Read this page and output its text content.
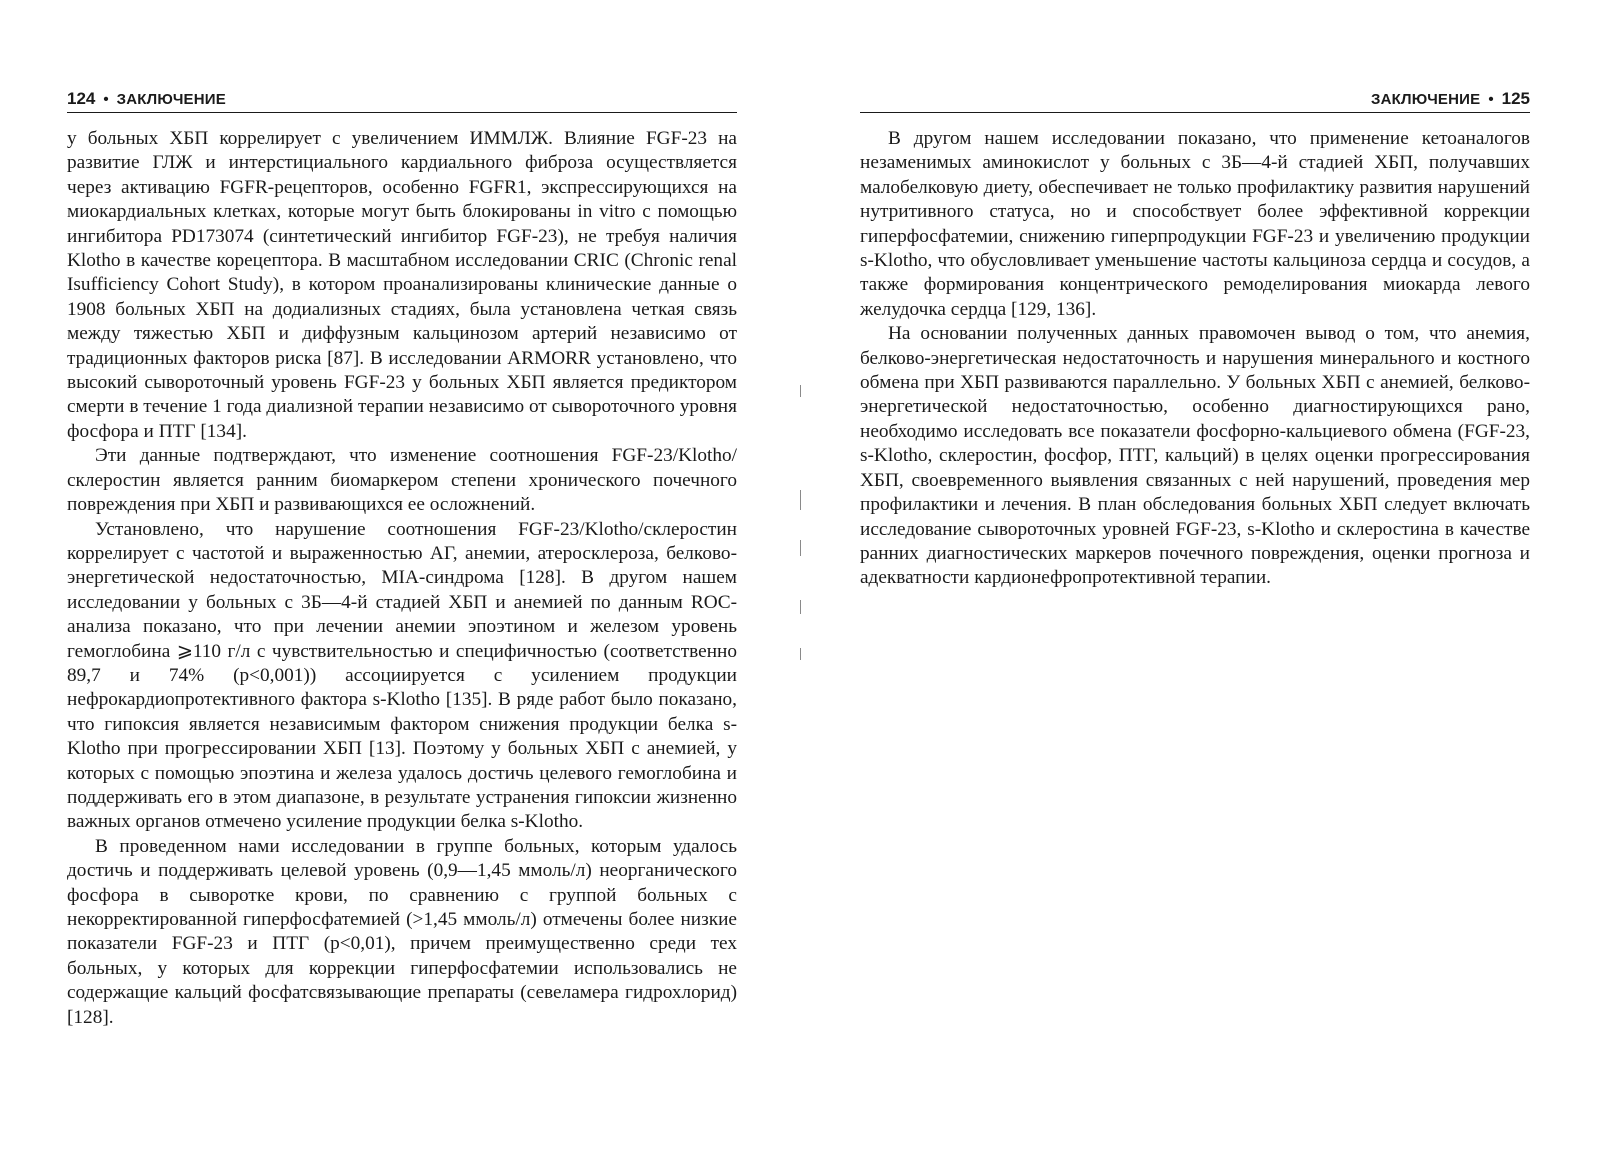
124 • ЗАКЛЮЧЕНИЕ

у больных ХБП коррелирует с увеличением ИММЛЖ. Влияние FGF-23 на развитие ГЛЖ и интерстициального кардиального фиброза осуществляется через активацию FGFR-рецепторов, особенно FGFR1, экспрессирующихся на миокардиальных клетках, которые могут быть блокированы in vitro с помощью ингибитора PD173074 (синтетический ингибитор FGF-23), не требуя наличия Klotho в качестве корецептора. В масштабном исследовании CRIC (Chronic renal Isufficiency Cohort Study), в котором проанализированы клинические данные о 1908 больных ХБП на додиализных стадиях, была установлена четкая связь между тяжестью ХБП и диффузным кальцинозом артерий независимо от традиционных факторов риска [87]. В исследовании ARMORR установлено, что высокий сывороточный уровень FGF-23 у больных ХБП является предиктором смерти в течение 1 года диализной терапии независимо от сывороточного уровня фосфора и ПТГ [134].

Эти данные подтверждают, что изменение соотношения FGF-23/Klotho/склеростин является ранним биомаркером степени хронического почечного повреждения при ХБП и развивающихся ее осложнений.

Установлено, что нарушение соотношения FGF-23/Klotho/склеростин коррелирует с частотой и выраженностью АГ, анемии, атеросклероза, белково-энергетической недостаточностью, MIA-синдрома [128]. В другом нашем исследовании у больных с 3Б—4-й стадией ХБП и анемией по данным ROC-анализа показано, что при лечении анемии эпоэтином и железом уровень гемоглобина ⩾110 г/л с чувствительностью и специфичностью (соответственно 89,7 и 74% (p<0,001)) ассоциируется с усилением продукции нефрокардиопротективного фактора s-Klotho [135]. В ряде работ было показано, что гипоксия является независимым фактором снижения продукции белка s-Klotho при прогрессировании ХБП [13]. Поэтому у больных ХБП с анемией, у которых с помощью эпоэтина и железа удалось достичь целевого гемоглобина и поддерживать его в этом диапазоне, в результате устранения гипоксии жизненно важных органов отмечено усиление продукции белка s-Klotho.

В проведенном нами исследовании в группе больных, которым удалось достичь и поддерживать целевой уровень (0,9—1,45 ммоль/л) неорганического фосфора в сыворотке крови, по сравнению с группой больных с некорректированной гиперфосфатемией (>1,45 ммоль/л) отмечены более низкие показатели FGF-23 и ПТГ (p<0,01), причем преимущественно среди тех больных, у которых для коррекции гиперфосфатемии использовались не содержащие кальций фосфатсвязывающие препараты (севеламера гидрохлорид) [128].

ЗАКЛЮЧЕНИЕ • 125

В другом нашем исследовании показано, что применение кетоаналогов незаменимых аминокислот у больных с 3Б—4-й стадией ХБП, получавших малобелковую диету, обеспечивает не только профилактику развития нарушений нутритивного статуса, но и способствует более эффективной коррекции гиперфосфатемии, снижению гиперпродукции FGF-23 и увеличению продукции s-Klotho, что обусловливает уменьшение частоты кальциноза сердца и сосудов, а также формирования концентрического ремоделирования миокарда левого желудочка сердца [129, 136].

На основании полученных данных правомочен вывод о том, что анемия, белково-энергетическая недостаточность и нарушения минерального и костного обмена при ХБП развиваются параллельно. У больных ХБП с анемией, белково-энергетической недостаточностью, особенно диагностирующихся рано, необходимо исследовать все показатели фосфорно-кальциевого обмена (FGF-23, s-Klotho, склеростин, фосфор, ПТГ, кальций) в целях оценки прогрессирования ХБП, своевременного выявления связанных с ней нарушений, проведения мер профилактики и лечения. В план обследования больных ХБП следует включать исследование сывороточных уровней FGF-23, s-Klotho и склеростина в качестве ранних диагностических маркеров почечного повреждения, оценки прогноза и адекватности кардионефропротективной терапии.
